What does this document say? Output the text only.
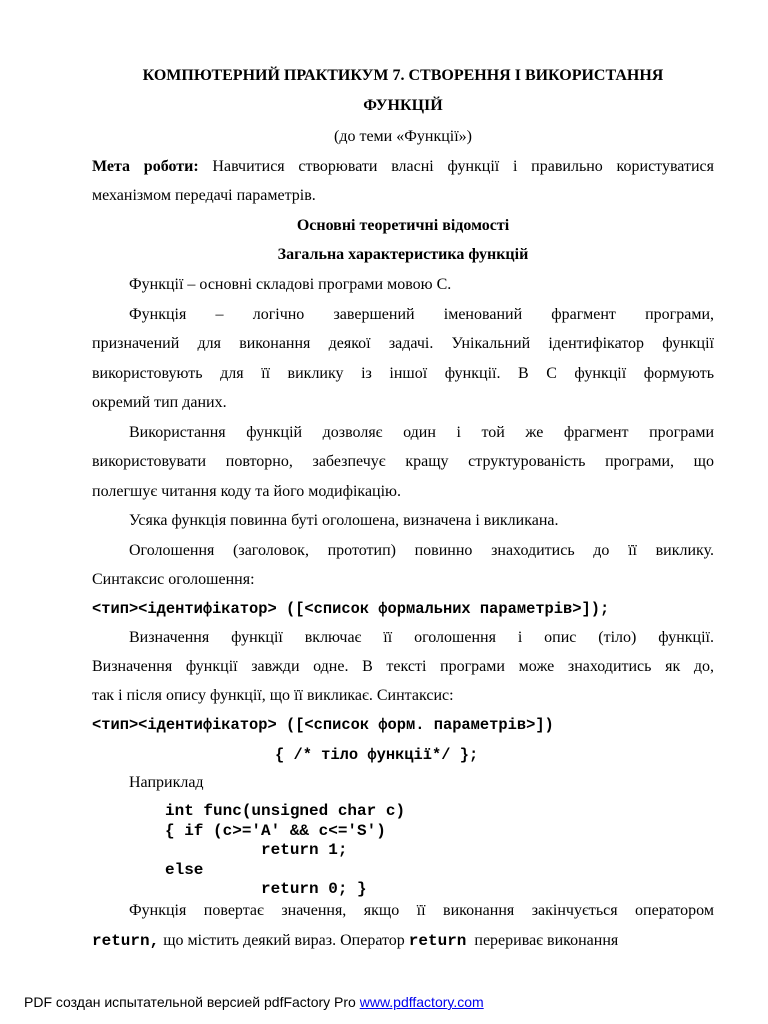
КОМПЮТЕРНИЙ ПРАКТИКУМ 7. СТВОРЕННЯ І ВИКОРИСТАННЯ
ФУНКЦІЙ
(до теми «Функції»)
Мета роботи: Навчитися створювати власні функції і правильно користуватися
механізмом передачі параметрів.
Основні теоретичні відомості
Загальна характеристика функцій
Функції – основні складові програми мовою С.
Функція – логічно завершений іменований фрагмент програми,
призначений для виконання деякої задачі. Унікальний ідентифікатор функції
використовують для її виклику із іншої функції. В С функції формують
окремий тип даних.
Використання функцій дозволяє один і той же фрагмент програми
використовувати повторно, забезпечує кращу структурованість програми, що
полегшує читання коду та його модифікацію.
Усяка функція повинна буті оголошена, визначена і викликана.
Оголошення (заголовок, прототип) повинно знаходитись до її виклику.
Синтаксис оголошення:
<тип><ідентифікатор> ([<список формальних параметрів>]);
Визначення функції включає її оголошення і опис (тіло) функції.
Визначення функції завжди одне. В тексті програми може знаходитись як до,
так і після опису функції, що її викликає. Синтаксис:
<тип><ідентифікатор> ([<список форм. параметрів>])
{ /* тіло функції*/ };
Наприклад
int func(unsigned char c)
{ if (c>='A' && c<='S')
return 1;
else
return 0; }
Функція повертає значення, якщо її виконання закінчується оператором
return, що містить деякий вираз. Оператор return  перериває виконання
PDF создан испытательной версией pdfFactory Pro www.pdffactory.com
